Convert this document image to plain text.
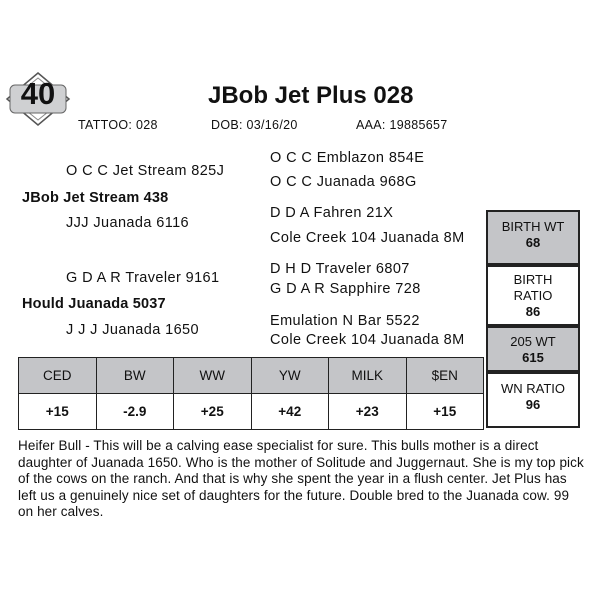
40	JBob Jet Plus 028
TATTOO: 028	DOB: 03/16/20	AAA: 19885657
O C C Jet Stream 825J
JBob Jet Stream 438
JJJ Juanada 6116
O C C Emblazon 854E
O C C Juanada 968G
D D A Fahren 21X
Cole Creek 104 Juanada 8M
G D A R Traveler 9161
Hould Juanada 5037
J J J Juanada 1650
D H D Traveler 6807
G D A R Sapphire 728
Emulation N Bar 5522
Cole Creek 104 Juanada 8M
BIRTH WT
68
BIRTH
RATIO
86
205 WT
615
WN RATIO
96
CED	BW	WW	YW	MILK	$EN
+15	-2.9	+25	+42	+23	+15
Heifer Bull - This will be a calving ease specialist for sure. This bulls mother is a direct daughter of Juanada 1650. Who is the mother of Solitude and Juggernaut. She is my top pick of the cows on the ranch. And that is why she spent the year in a flush center. Jet Plus has left us a genuinely nice set of daughters for the future. Double bred to the Juanada cow. 99 on her calves.
